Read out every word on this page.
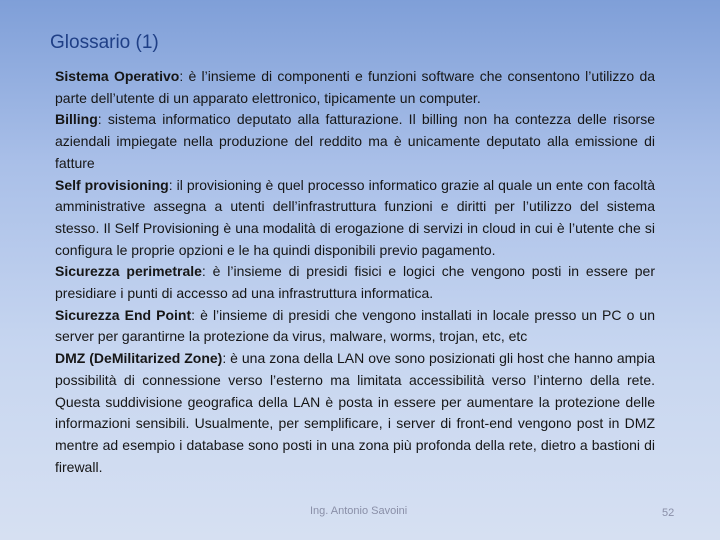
Glossario (1)

Sistema Operativo: è l’insieme di componenti e funzioni software che consentono l’utilizzo da parte dell’utente di un apparato elettronico, tipicamente un computer.

Billing: sistema informatico deputato alla fatturazione. Il billing non ha contezza delle risorse aziendali impiegate nella produzione del reddito ma è unicamente deputato alla emissione di fatture

Self provisioning: il provisioning è quel processo informatico grazie al quale un ente con facoltà amministrative assegna a utenti dell’infrastruttura funzioni e diritti per l’utilizzo del sistema stesso. Il Self Provisioning è una modalità di erogazione di servizi in cloud in cui è l’utente che si configura le proprie opzioni e le ha quindi disponibili previo pagamento.

Sicurezza perimetrale: è l’insieme di presidi fisici e logici che vengono posti in essere per presidiare i punti di accesso ad una infrastruttura informatica.

Sicurezza End Point: è l’insieme di presidi che vengono installati in locale presso un PC o un server per garantirne la protezione da virus, malware, worms, trojan, etc, etc

DMZ (DeMilitarized Zone): è una zona della LAN ove sono posizionati gli host che hanno ampia possibilità di connessione verso l’esterno ma limitata accessibilità verso l’interno della rete. Questa suddivisione geografica della LAN è posta in essere per aumentare la protezione delle informazioni sensibili. Usualmente, per semplificare, i server di front-end vengono post in DMZ mentre ad esempio i database sono posti in una zona più profonda della rete, dietro a bastioni di firewall.

Ing. Antonio Savoini	52
